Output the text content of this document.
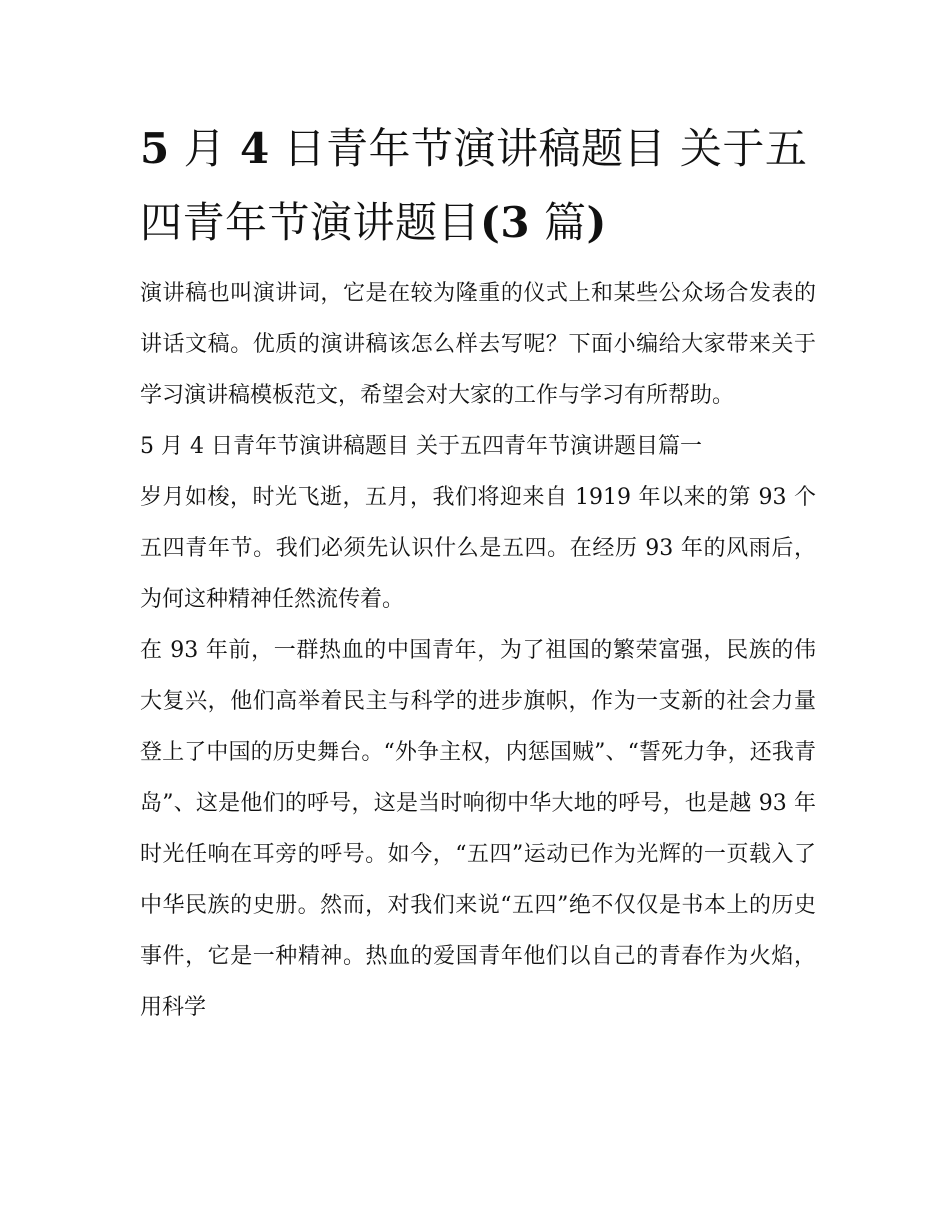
5 月 4 日青年节演讲稿题目 关于五四青年节演讲题目(3 篇)

演讲稿也叫演讲词，它是在较为隆重的仪式上和某些公众场合发表的讲话文稿。优质的演讲稿该怎么样去写呢？下面小编给大家带来关于学习演讲稿模板范文，希望会对大家的工作与学习有所帮助。

5 月 4 日青年节演讲稿题目 关于五四青年节演讲题目篇一

岁月如梭，时光飞逝，五月，我们将迎来自 1919 年以来的第 93 个五四青年节。我们必须先认识什么是五四。在经历 93 年的风雨后，为何这种精神任然流传着。

在 93 年前，一群热血的中国青年，为了祖国的繁荣富强，民族的伟大复兴，他们高举着民主与科学的进步旗帜，作为一支新的社会力量登上了中国的历史舞台。“外争主权，内惩国贼”、“誓死力争，还我青岛”、这是他们的呼号，这是当时响彻中华大地的呼号，也是越 93 年时光任响在耳旁的呼号。如今，“五四”运动已作为光辉的一页载入了中华民族的史册。然而，对我们来说“五四”绝不仅仅是书本上的历史事件，它是一种精神。热血的爱国青年他们以自己的青春作为火焰，用科学
